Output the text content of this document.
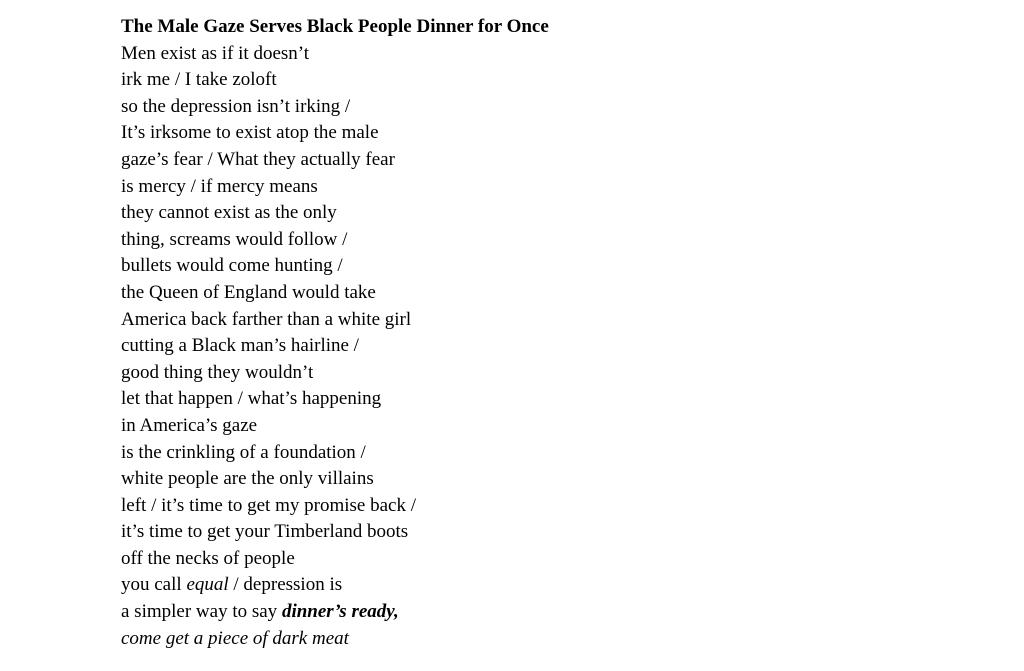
The Male Gaze Serves Black People Dinner for Once
Men exist as if it doesn’t
irk me / I take zoloft
so the depression isn’t irking /
It’s irksome to exist atop the male
gaze’s fear / What they actually fear
is mercy / if mercy means
they cannot exist as the only
thing, screams would follow /
bullets would come hunting /
the Queen of England would take
America back farther than a white girl
cutting a Black man’s hairline /
good thing they wouldn’t
let that happen / what’s happening
in America’s gaze
is the crinkling of a foundation /
white people are the only villains
left / it’s time to get my promise back /
it’s time to get your Timberland boots
off the necks of people
you call equal / depression is
a simpler way to say dinner’s ready,
come get a piece of dark meat
